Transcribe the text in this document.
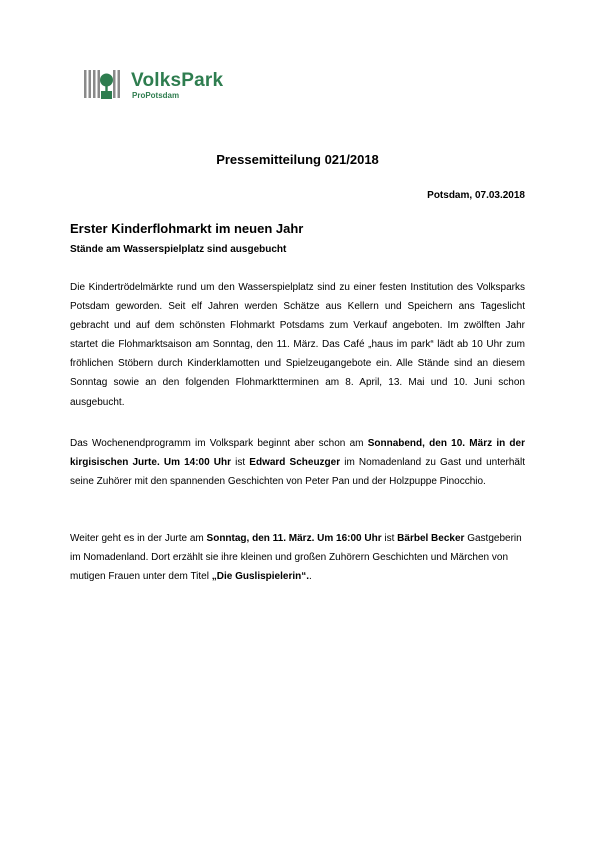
VolksPark
ProPotsdam
Pressemitteilung 021/2018
Potsdam, 07.03.2018
Erster Kinderflohmarkt im neuen Jahr
Stände am Wasserspielplatz sind ausgebucht
Die Kindertrödelmärkte rund um den Wasserspielplatz sind zu einer festen Institution des Volksparks Potsdam geworden. Seit elf Jahren werden Schätze aus Kellern und Speichern ans Tageslicht gebracht und auf dem schönsten Flohmarkt Potsdams zum Verkauf angeboten. Im zwölften Jahr startet die Flohmarktsaison am Sonntag, den 11. März. Das Café „haus im park“ lädt ab 10 Uhr zum fröhlichen Stöbern durch Kinderklamotten und Spielzeugangebote ein. Alle Stände sind an diesem Sonntag sowie an den folgenden Flohmarktterminen am 8. April, 13. Mai und 10. Juni schon ausgebucht.
Das Wochenendprogramm im Volkspark beginnt aber schon am Sonnabend, den 10. März in der kirgisischen Jurte. Um 14:00 Uhr ist Edward Scheuzger im Nomadenland zu Gast und unterhält seine Zuhörer mit den spannenden Geschichten von Peter Pan und der Holzpuppe Pinocchio.
Weiter geht es in der Jurte am Sonntag, den 11. März. Um 16:00 Uhr ist Bärbel Becker Gastgeberin im Nomadenland. Dort erzählt sie ihre kleinen und großen Zuhörern Geschichten und Märchen von mutigen Frauen unter dem Titel „Die Guslispielerin“..
